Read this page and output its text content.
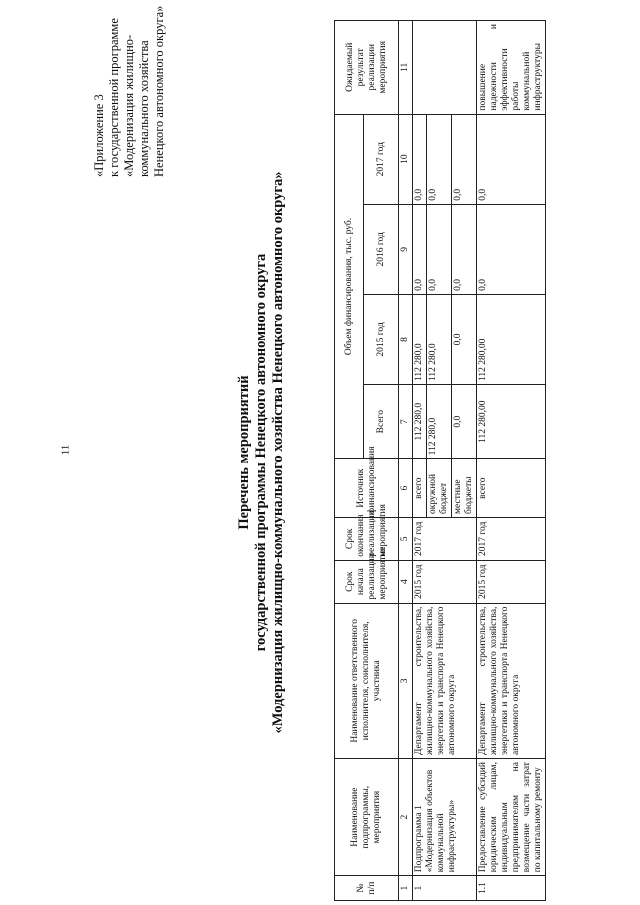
11
«Приложение 3 к государственной программе «Модернизация жилищно- коммунального хозяйства Ненецкого автономного округа»
Перечень мероприятий государственной программы Ненецкого автономного округа «Модернизация жилищно-коммунального хозяйства Ненецкого автономного округа»
№ п/п	Наименование подпрограммы, мероприятия	Наименование ответственного исполнителя, соисполнителя, участника	Срок начала реализации мероприятия	Срок окончания реализации мероприятия	Источник финансирования	Объем финансирования, тыс. руб.				Ожидаемый результат реализации мероприятия
						Всего	2015 год	2016 год	2017 год	
1	2	3	4	5	6	7	8	9	10	11
1	Подпрограмма 1 «Модернизация объектов коммунальной инфраструктуры»	Департамент строительства, жилищно-коммунального хозяйства, энергетики и транспорта Ненецкого автономного округа	2015 год	2017 год	всего	112 280,0	112 280,0	0,0	0,0	
					окружной бюджет	112 280,0	112 280,0	0,0	0,0	
					местные бюджеты	0,0	0,0	0,0	0,0	
1.1	Предоставление субсидий юридическим лицам, индивидуальным предпринимателям на возмещение части затрат по капитальному ремонту	Департамент строительства, жилищно-коммунального хозяйства, энергетики и транспорта Ненецкого автономного округа	2015 год	2017 год	всего	112 280,00	112 280,00	0,0	0,0	повышение надежности и эффективности работы коммунальной инфраструктуры
